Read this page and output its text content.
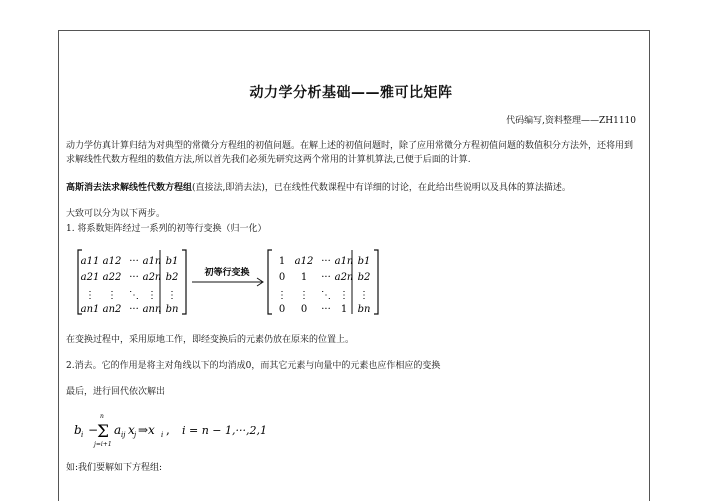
动力学分析基础——雅可比矩阵
代码编写,资料整理——ZH1110
动力学仿真计算归结为对典型的常微分方程组的初值问题。在解上述的初值问题时，除了应用常微分方程初值问题的数值积分方法外，还将用到求解线性代数方程组的数值方法,所以首先我们必须先研究这两个常用的计算机算法,已便于后面的计算.
高斯消去法求解线性代数方程组(直接法,即消去法)，已在线性代数课程中有详细的讨论，在此给出些说明以及具体的算法描述。
大致可以分为以下两步。
1. 将系数矩阵经过一系列的初等行变换（归一化）
a11 a12 ··· a1n b1
a21 a22 ··· a2n b2
⋮ ⋮ ⋱ ⋮ ⋮
an1 an2 ··· ann bn
初等行变换
1 a12 ··· a1n b1
0 1 ··· a2n b2
⋮ ⋮ ⋱ ⋮ ⋮
0 0 ··· 1 bn
在变换过程中，采用原地工作，即经变换后的元素仍放在原来的位置上。
2.消去。它的作用是将主对角线以下的均消成0，而其它元素与向量中的元素也应作相应的变换
最后，进行回代依次解出
b i −
n
Σ
j=i+1
a ij x j ⇒x i , i = n − 1,···,2,1
如:我们要解如下方程组:
